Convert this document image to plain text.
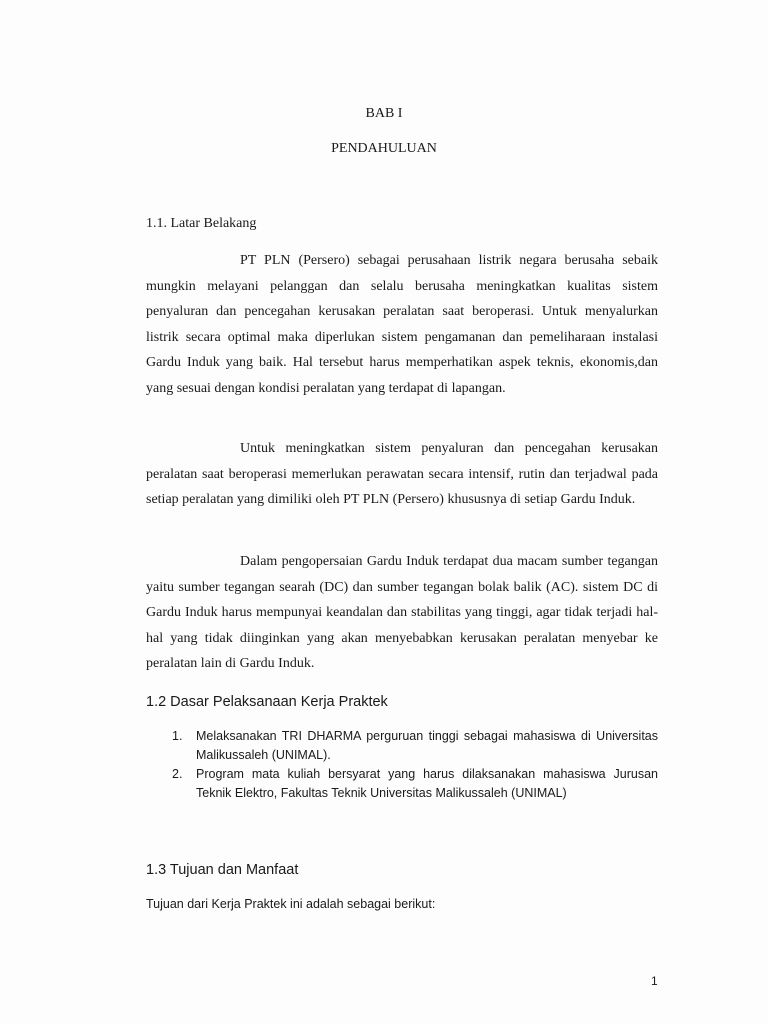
BAB I
PENDAHULUAN
1.1. Latar Belakang

PT PLN (Persero) sebagai perusahaan listrik negara berusaha sebaik mungkin melayani pelanggan dan selalu berusaha meningkatkan kualitas sistem penyaluran dan pencegahan kerusakan peralatan saat beroperasi. Untuk menyalurkan listrik secara optimal maka diperlukan sistem pengamanan dan pemeliharaan instalasi Gardu Induk yang baik. Hal tersebut harus memperhatikan aspek teknis, ekonomis,dan yang sesuai dengan kondisi peralatan yang terdapat di lapangan.

Untuk meningkatkan sistem penyaluran dan pencegahan kerusakan peralatan saat beroperasi memerlukan perawatan secara intensif, rutin dan terjadwal pada setiap peralatan yang dimiliki oleh PT PLN (Persero) khususnya di setiap Gardu Induk.

Dalam pengopersaian Gardu Induk terdapat dua macam sumber tegangan yaitu sumber tegangan searah (DC) dan sumber tegangan bolak balik (AC). sistem DC di Gardu Induk harus mempunyai keandalan dan stabilitas yang tinggi, agar tidak terjadi hal-hal yang tidak diinginkan yang akan menyebabkan kerusakan peralatan menyebar ke peralatan lain di Gardu Induk.

1.2 Dasar Pelaksanaan Kerja Praktek
1.	Melaksanakan TRI DHARMA perguruan tinggi sebagai mahasiswa di Universitas Malikussaleh (UNIMAL).
2.	Program mata kuliah bersyarat yang harus dilaksanakan mahasiswa Jurusan Teknik Elektro, Fakultas Teknik Universitas Malikussaleh (UNIMAL)
1.3 Tujuan dan Manfaat
Tujuan dari Kerja Praktek ini adalah sebagai berikut:
1
